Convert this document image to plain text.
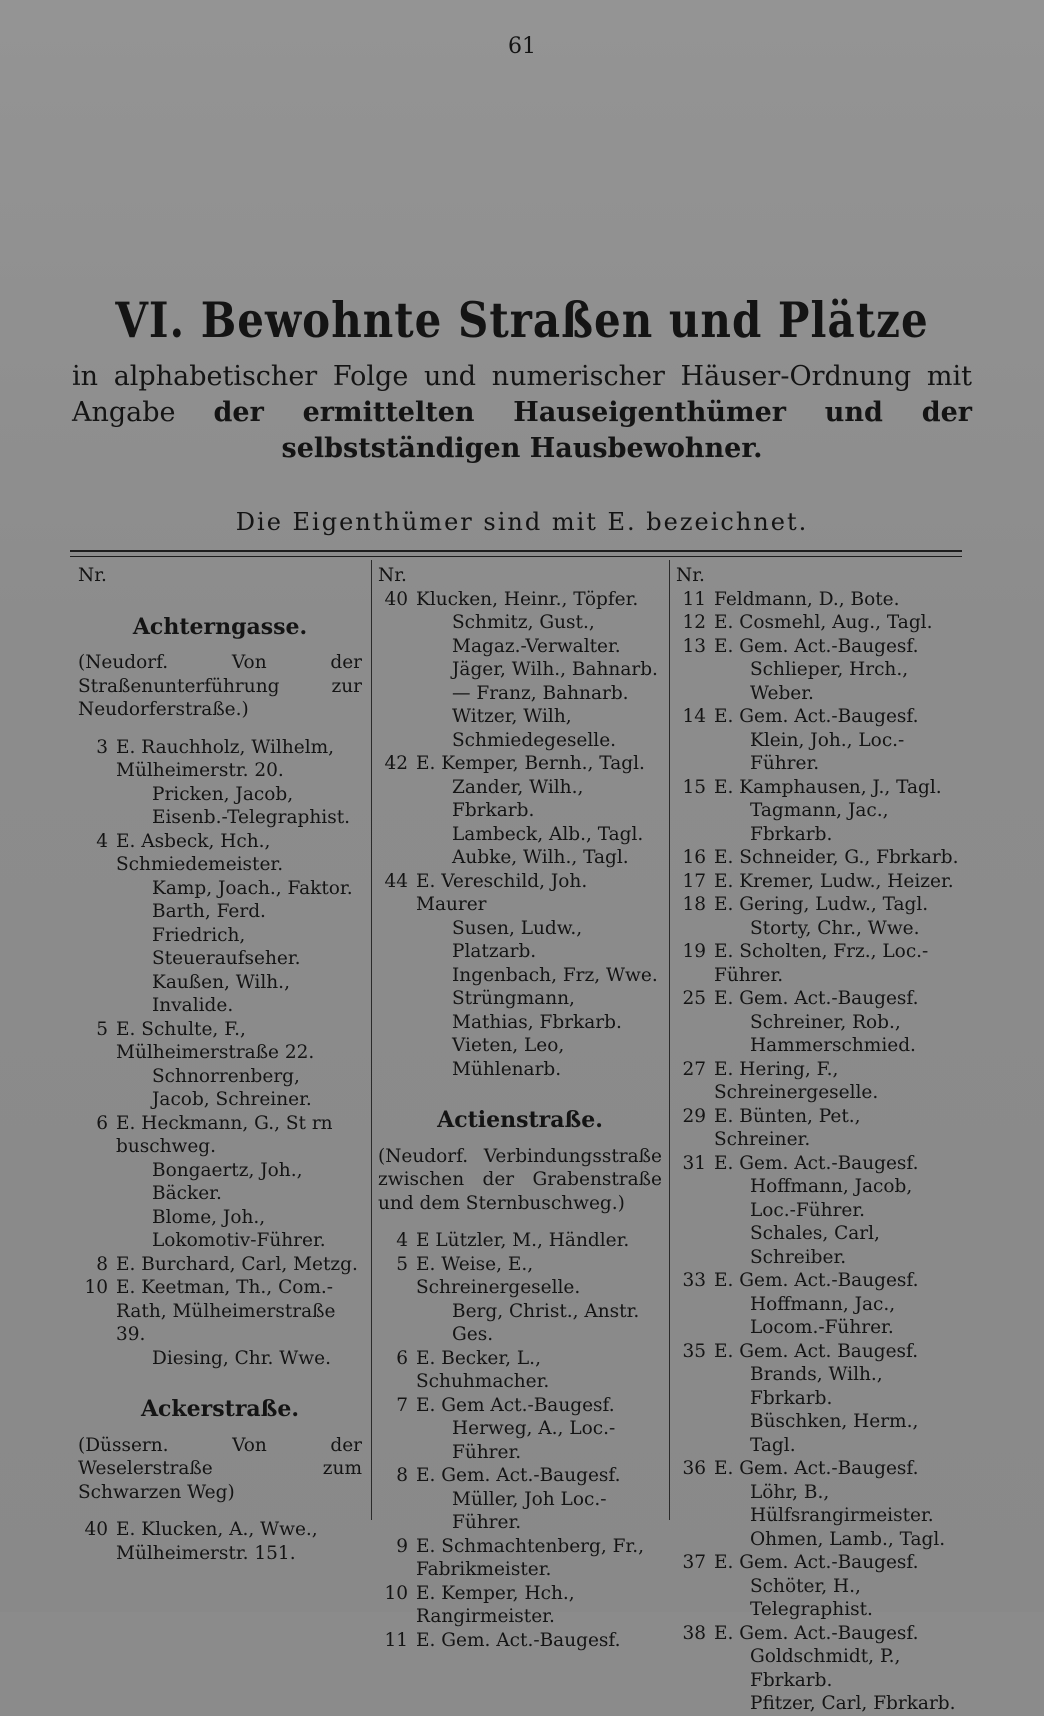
61
VI. Bewohnte Straßen und Plätze
in alphabetischer Folge und numerischer Häuser-Ordnung mit Angabe der ermittelten Hauseigenthümer und der selbstständigen Hausbewohner.
Die Eigenthümer sind mit E. bezeichnet.
Nr.
Achterngasse.
(Neudorf. Von der Straßenunterführung zur Neudorferstraße.)
3 E. Rauchholz, Wilhelm, Mülheimerstr. 20.
Pricken, Jacob, Eisenb.-Telegraphist.
4 E. Asbeck, Hch., Schmiedemeister.
Kamp, Joach., Faktor.
Barth, Ferd. Friedrich, Steueraufseher.
Kaußen, Wilh., Invalide.
5 E. Schulte, F., Mülheimerstraße 22.
Schnorrenberg, Jacob, Schreiner.
6 E. Heckmann, G., St rn buschweg.
Bongaertz, Joh., Bäcker.
Blome, Joh., Lokomotiv-Führer.
8 E. Burchard, Carl, Metzg.
10 E. Keetman, Th., Com.-Rath, Mülheimerstraße 39.
Diesing, Chr. Wwe.
Ackerstraße.
(Düssern. Von der Weselerstraße zum Schwarzen Weg)
40 E. Klucken, A., Wwe., Mülheimerstr. 151.
Nr.
40 Klucken, Heinr., Töpfer.
Schmitz, Gust., Magaz.-Verwalter.
Jäger, Wilh., Bahnarb.
— Franz, Bahnarb.
Witzer, Wilh, Schmiedegeselle.
42 E. Kemper, Bernh., Tagl.
Zander, Wilh., Fbrkarb.
Lambeck, Alb., Tagl.
Aubke, Wilh., Tagl.
44 E. Vereschild, Joh. Maurer
Susen, Ludw., Platzarb.
Ingenbach, Frz, Wwe.
Strüngmann, Mathias, Fbrkarb.
Vieten, Leo, Mühlenarb.
Actienstraße.
(Neudorf. Verbindungsstraße zwischen der Grabenstraße und dem Sternbuschweg.)
4 E Lützler, M., Händler.
5 E. Weise, E., Schreinergeselle.
Berg, Christ., Anstr. Ges.
6 E. Becker, L., Schuhmacher.
7 E. Gem Act.-Baugesf.
Herweg, A., Loc.-Führer.
8 E. Gem. Act.-Baugesf.
Müller, Joh Loc.-Führer.
9 E. Schmachtenberg, Fr., Fabrikmeister.
10 E. Kemper, Hch., Rangirmeister.
11 E. Gem. Act.-Baugesf.
Nr.
11 Feldmann, D., Bote.
12 E. Cosmehl, Aug., Tagl.
13 E. Gem. Act.-Baugesf.
Schlieper, Hrch., Weber.
14 E. Gem. Act.-Baugesf.
Klein, Joh., Loc.-Führer.
15 E. Kamphausen, J., Tagl.
Tagmann, Jac., Fbrkarb.
16 E. Schneider, G., Fbrkarb.
17 E. Kremer, Ludw., Heizer.
18 E. Gering, Ludw., Tagl.
Storty, Chr., Wwe.
19 E. Scholten, Frz., Loc.-Führer.
25 E. Gem. Act.-Baugesf.
Schreiner, Rob., Hammerschmied.
27 E. Hering, F., Schreinergeselle.
29 E. Bünten, Pet., Schreiner.
31 E. Gem. Act.-Baugesf.
Hoffmann, Jacob, Loc.-Führer.
Schales, Carl, Schreiber.
33 E. Gem. Act.-Baugesf.
Hoffmann, Jac., Locom.-Führer.
35 E. Gem. Act. Baugesf.
Brands, Wilh., Fbrkarb.
Büschken, Herm., Tagl.
36 E. Gem. Act.-Baugesf.
Löhr, B., Hülfsrangirmeister.
Ohmen, Lamb., Tagl.
37 E. Gem. Act.-Baugesf.
Schöter, H., Telegraphist.
38 E. Gem. Act.-Baugesf.
Goldschmidt, P., Fbrkarb.
Pfitzer, Carl, Fbrkarb.
